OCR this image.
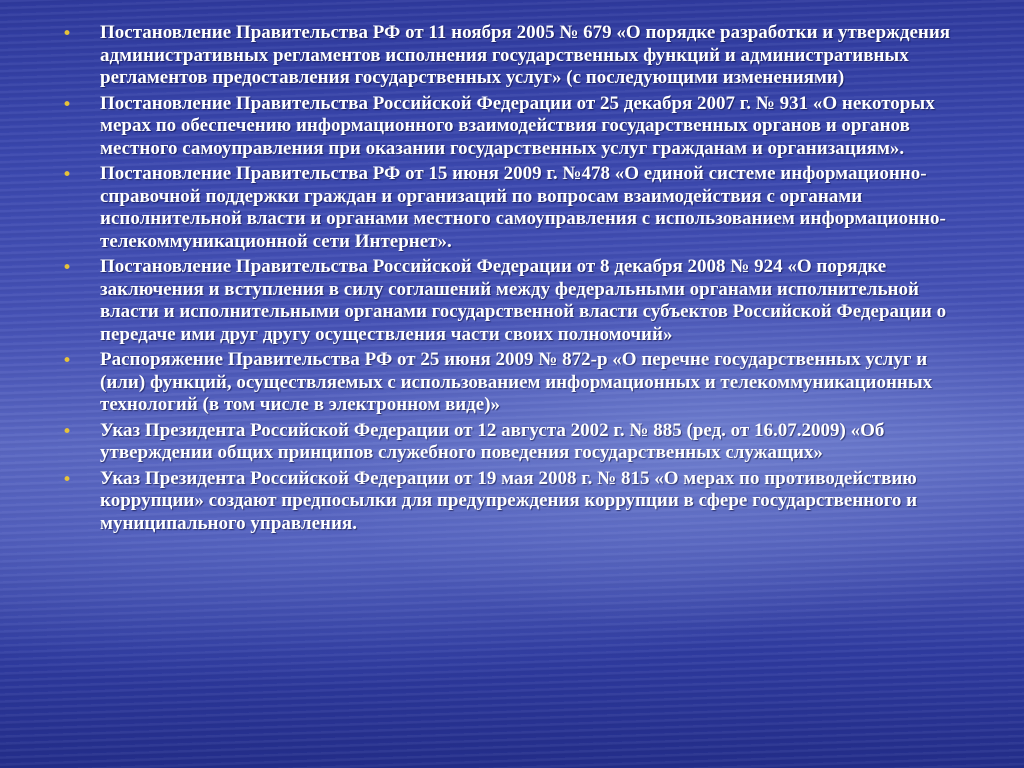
• Постановление Правительства РФ от 11 ноября 2005 № 679 «О порядке разработки и утверждения административных регламентов исполнения государственных функций и административных регламентов предоставления государственных услуг» (с последующими изменениями)
• Постановление Правительства Российской Федерации от 25 декабря 2007 г. № 931 «О некоторых мерах по обеспечению информационного взаимодействия государственных органов и органов местного самоуправления при оказании государственных услуг гражданам и организациям».
• Постановление Правительства РФ от 15 июня 2009 г. №478 «О единой системе информационно-справочной поддержки граждан и организаций по вопросам взаимодействия с органами исполнительной власти и органами местного самоуправления с использованием информационно-телекоммуникационной сети Интернет».
• Постановление Правительства Российской Федерации от 8 декабря 2008 № 924 «О порядке заключения и вступления в силу соглашений между федеральными органами исполнительной власти и исполнительными органами государственной власти субъектов Российской Федерации о передаче ими друг другу осуществления части своих полномочий»
• Распоряжение Правительства РФ от 25 июня 2009 № 872-р «О перечне государственных услуг и (или) функций, осуществляемых с использованием информационных и телекоммуникационных технологий (в том числе в электронном виде)»
• Указ Президента Российской Федерации от 12 августа 2002 г. № 885 (ред. от 16.07.2009) «Об утверждении общих принципов служебного поведения государственных служащих»
• Указ Президента Российской Федерации от 19 мая 2008 г. № 815 «О мерах по противодействию коррупции» создают предпосылки для предупреждения коррупции в сфере государственного и муниципального управления.
